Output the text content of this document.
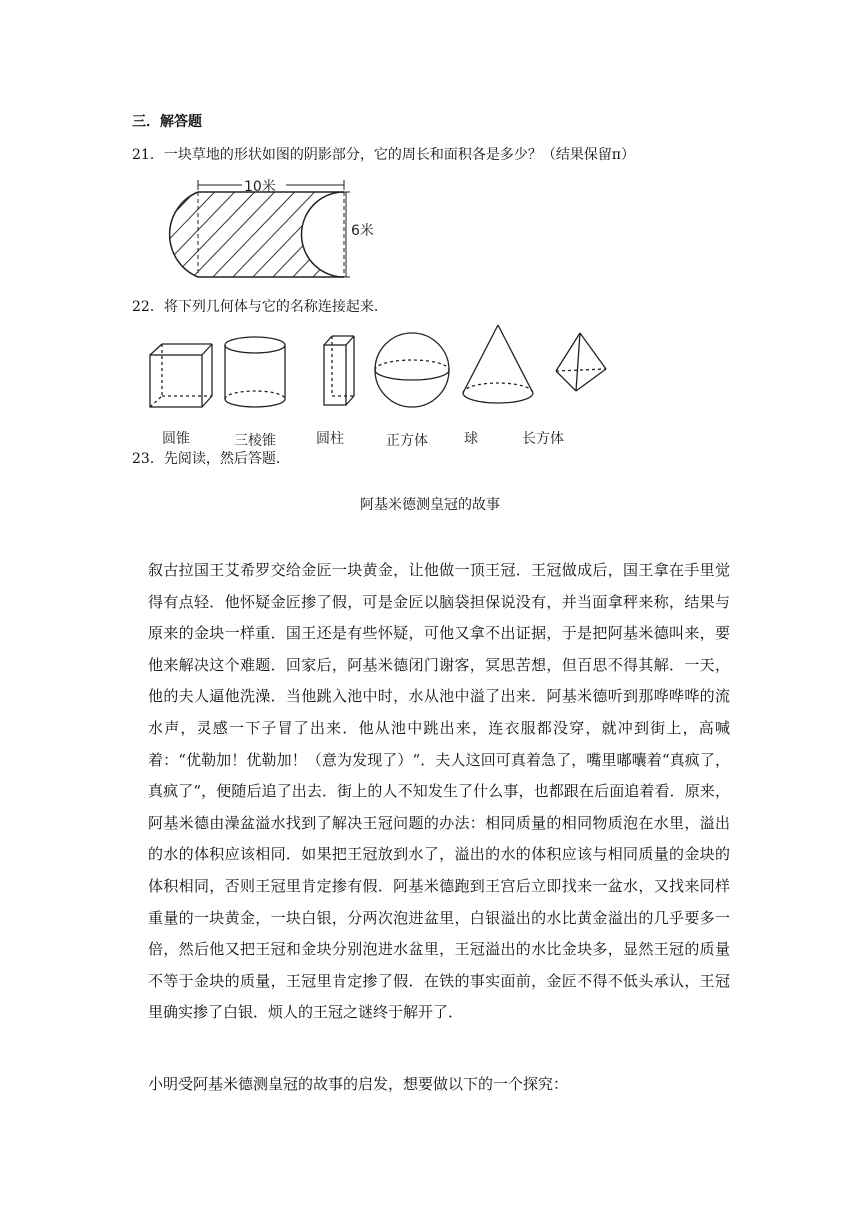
三．解答题
21．一块草地的形状如图的阴影部分，它的周长和面积各是多少？（结果保留π）
10米
6米
22．将下列几何体与它的名称连接起来.
圆锥	三棱锥	圆柱	正方体	球	长方体
23．先阅读，然后答题.
阿基米德测皇冠的故事
叙古拉国王艾希罗交给金匠一块黄金，让他做一顶王冠．王冠做成后，国王拿在手里觉得有点轻．他怀疑金匠掺了假，可是金匠以脑袋担保说没有，并当面拿秤来称，结果与原来的金块一样重．国王还是有些怀疑，可他又拿不出证据，于是把阿基米德叫来，要他来解决这个难题．回家后，阿基米德闭门谢客，冥思苦想，但百思不得其解．一天，他的夫人逼他洗澡．当他跳入池中时，水从池中溢了出来．阿基米德听到那哗哗哗的流水声，灵感一下子冒了出来．他从池中跳出来，连衣服都没穿，就冲到街上，高喊着：“优勒加！优勒加！（意为发现了）“．夫人这回可真着急了，嘴里嘟囔着“真疯了，真疯了“，便随后追了出去．街上的人不知发生了什么事，也都跟在后面追着看．原来，阿基米德由澡盆溢水找到了解决王冠问题的办法：相同质量的相同物质泡在水里，溢出的水的体积应该相同．如果把王冠放到水了，溢出的水的体积应该与相同质量的金块的体积相同，否则王冠里肯定掺有假．阿基米德跑到王宫后立即找来一盆水，又找来同样重量的一块黄金，一块白银，分两次泡进盆里，白银溢出的水比黄金溢出的几乎要多一倍，然后他又把王冠和金块分别泡进水盆里，王冠溢出的水比金块多，显然王冠的质量不等于金块的质量，王冠里肯定掺了假．在铁的事实面前，金匠不得不低头承认，王冠里确实掺了白银．烦人的王冠之谜终于解开了．
小明受阿基米德测皇冠的故事的启发，想要做以下的一个探究：
